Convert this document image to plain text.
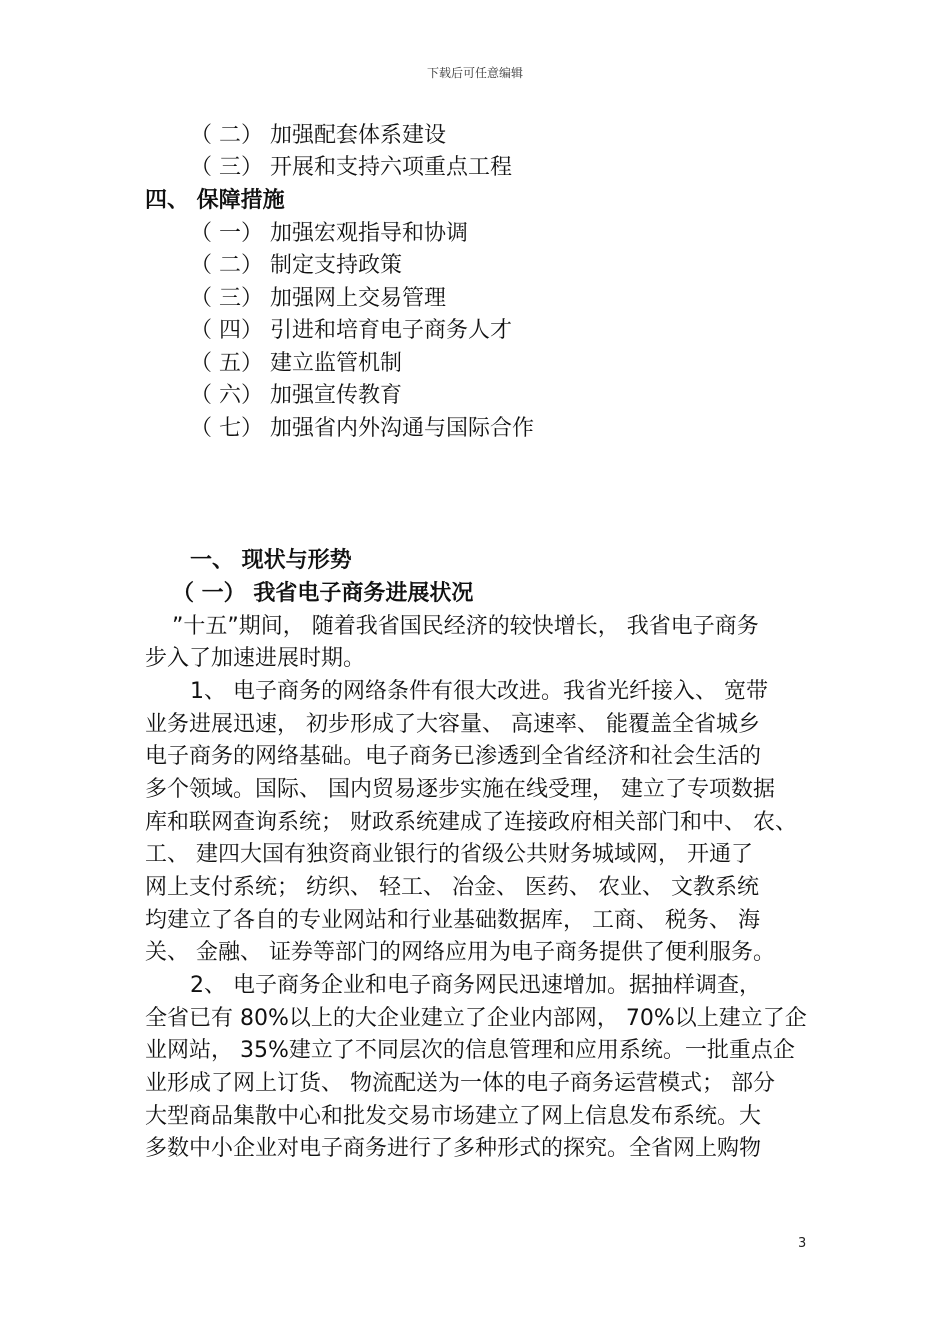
下载后可任意编辑
（ 二） 加强配套体系建设
（ 三） 开展和支持六项重点工程
四、 保障措施
（ 一） 加强宏观指导和协调
（ 二） 制定支持政策
（ 三） 加强网上交易管理
（ 四） 引进和培育电子商务人才
（ 五） 建立监管机制
（ 六） 加强宣传教育
（ 七） 加强省内外沟通与国际合作
一、 现状与形势
（ 一） 我省电子商务进展状况
”十五”期间， 随着我省国民经济的较快增长， 我省电子商务
步入了加速进展时期。
1、 电子商务的网络条件有很大改进。我省光纤接入、 宽带
业务进展迅速， 初步形成了大容量、 高速率、 能覆盖全省城乡
电子商务的网络基础。电子商务已渗透到全省经济和社会生活的
多个领域。国际、 国内贸易逐步实施在线受理， 建立了专项数据
库和联网查询系统； 财政系统建成了连接政府相关部门和中、 农、
工、 建四大国有独资商业银行的省级公共财务城域网， 开通了
网上支付系统； 纺织、 轻工、 冶金、 医药、 农业、 文教系统
均建立了各自的专业网站和行业基础数据库， 工商、 税务、 海
关、 金融、 证券等部门的网络应用为电子商务提供了便利服务。
2、 电子商务企业和电子商务网民迅速增加。据抽样调查，
全省已有 80%以上的大企业建立了企业内部网， 70%以上建立了企
业网站， 35%建立了不同层次的信息管理和应用系统。一批重点企
业形成了网上订货、 物流配送为一体的电子商务运营模式； 部分
大型商品集散中心和批发交易市场建立了网上信息发布系统。大
多数中小企业对电子商务进行了多种形式的探究。全省网上购物
3
